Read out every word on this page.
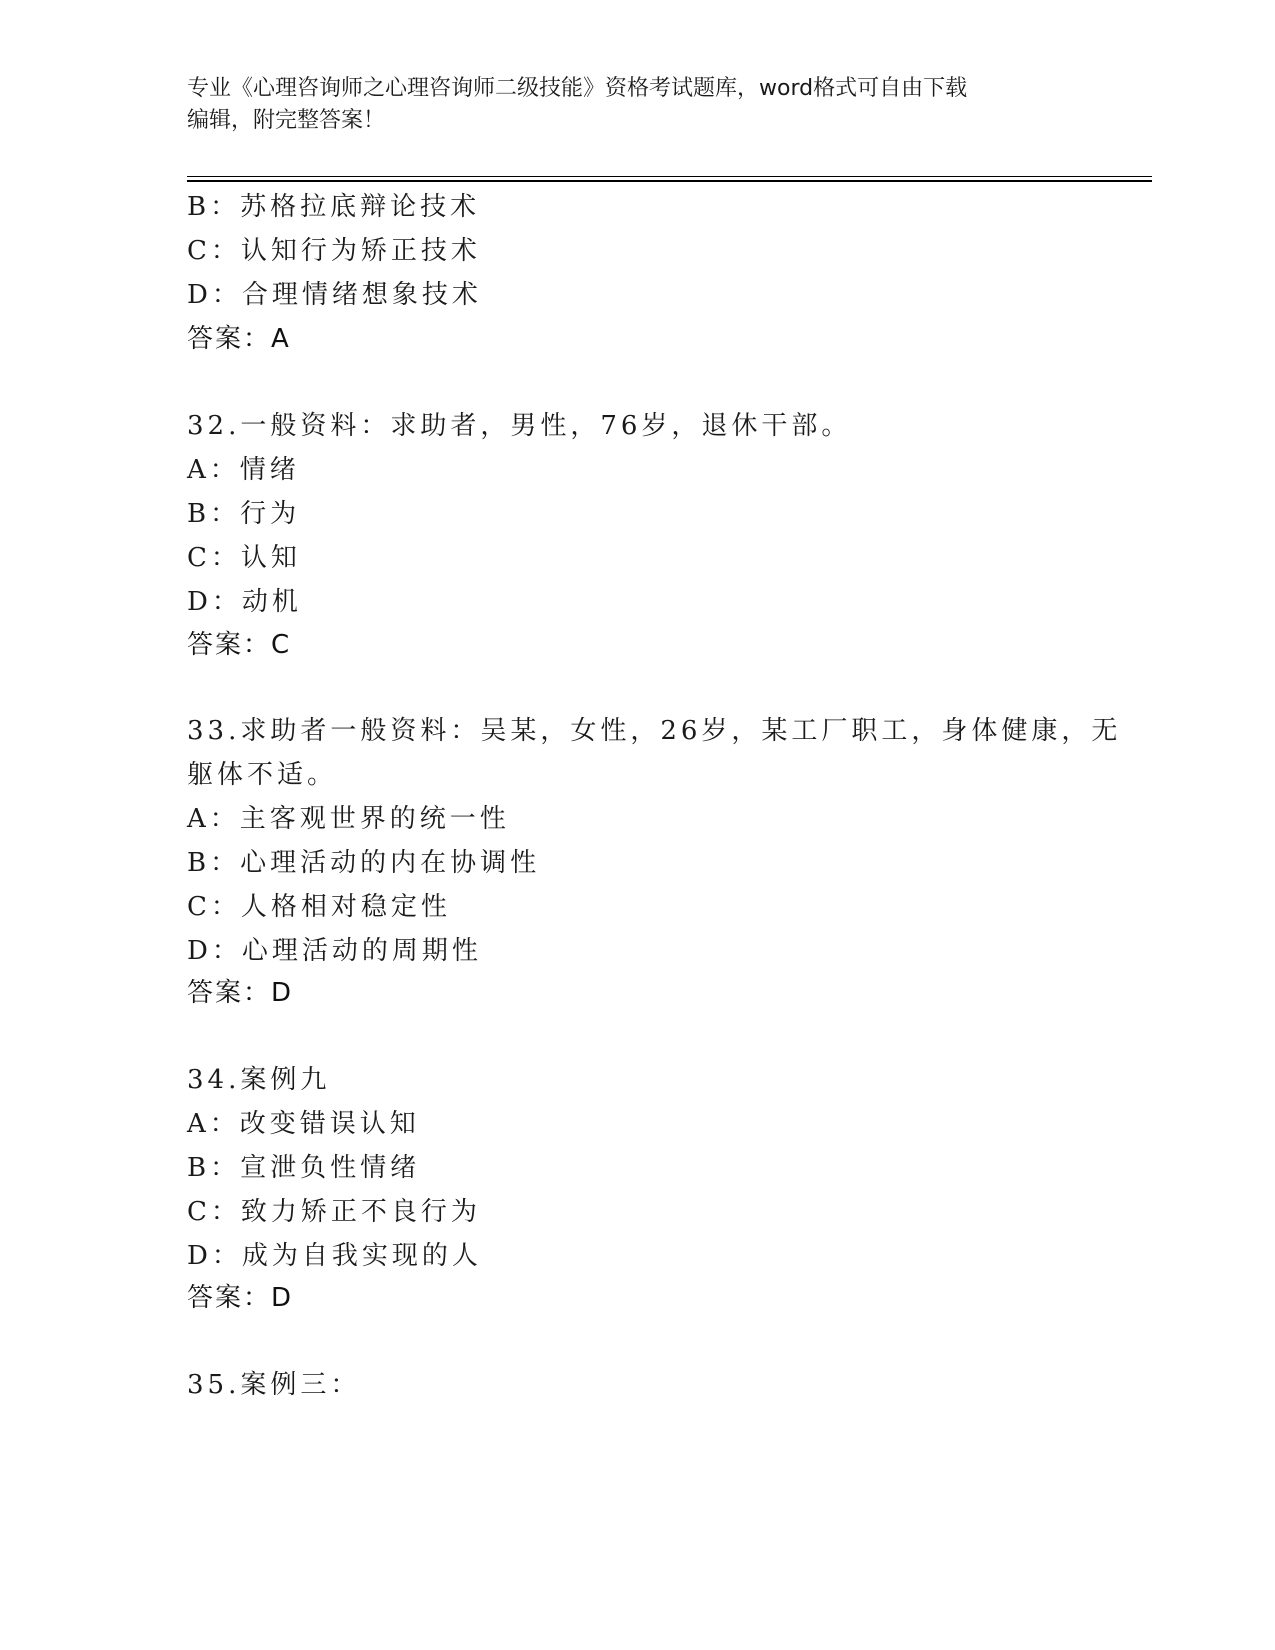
专业《心理咨询师之心理咨询师二级技能》资格考试题库，word格式可自由下载
编辑，附完整答案！
B：苏格拉底辩论技术
C：认知行为矫正技术
D：合理情绪想象技术
答案：A
32.一般资料：求助者，男性，76岁，退休干部。
A：情绪
B：行为
C：认知
D：动机
答案：C
33.求助者一般资料：吴某，女性，26岁，某工厂职工，身体健康，无
躯体不适。
A：主客观世界的统一性
B：心理活动的内在协调性
C：人格相对稳定性
D：心理活动的周期性
答案：D
34.案例九
A：改变错误认知
B：宣泄负性情绪
C：致力矫正不良行为
D：成为自我实现的人
答案：D
35.案例三：
